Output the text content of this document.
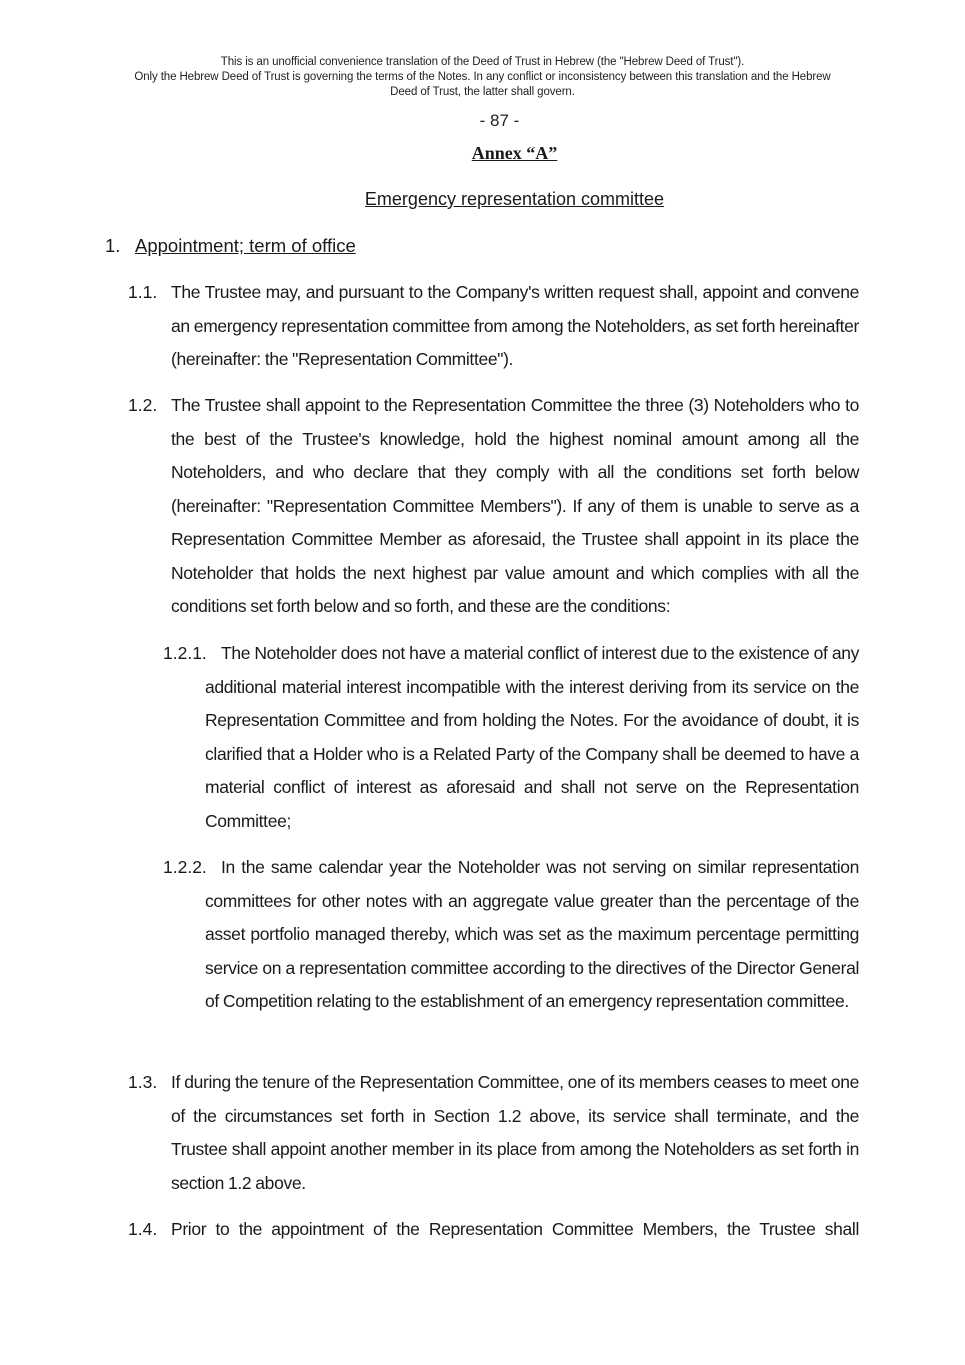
This is an unofficial convenience translation of the Deed of Trust in Hebrew (the "Hebrew Deed of Trust").
Only the Hebrew Deed of Trust is governing the terms of the Notes. In any conflict or inconsistency between this translation and the Hebrew
Deed of Trust, the latter shall govern.
- 87 -
Annex “A”
Emergency representation committee
1. Appointment; term of office
1.1. The Trustee may, and pursuant to the Company's written request shall, appoint and convene an emergency representation committee from among the Noteholders, as set forth hereinafter (hereinafter: the "Representation Committee").

1.2. The Trustee shall appoint to the Representation Committee the three (3) Noteholders who to the best of the Trustee's knowledge, hold the highest nominal amount among all the Noteholders, and who declare that they comply with all the conditions set forth below (hereinafter: "Representation Committee Members"). If any of them is unable to serve as a Representation Committee Member as aforesaid, the Trustee shall appoint in its place the Noteholder that holds the next highest par value amount and which complies with all the conditions set forth below and so forth, and these are the conditions:

1.2.1. The Noteholder does not have a material conflict of interest due to the existence of any additional material interest incompatible with the interest deriving from its service on the Representation Committee and from holding the Notes. For the avoidance of doubt, it is clarified that a Holder who is a Related Party of the Company shall be deemed to have a material conflict of interest as aforesaid and shall not serve on the Representation Committee;

1.2.2. In the same calendar year the Noteholder was not serving on similar representation committees for other notes with an aggregate value greater than the percentage of the asset portfolio managed thereby, which was set as the maximum percentage permitting service on a representation committee according to the directives of the Director General of Competition relating to the establishment of an emergency representation committee.

1.3. If during the tenure of the Representation Committee, one of its members ceases to meet one of the circumstances set forth in Section 1.2 above, its service shall terminate, and the Trustee shall appoint another member in its place from among the Noteholders as set forth in section 1.2 above.

1.4. Prior to the appointment of the Representation Committee Members, the Trustee shall
